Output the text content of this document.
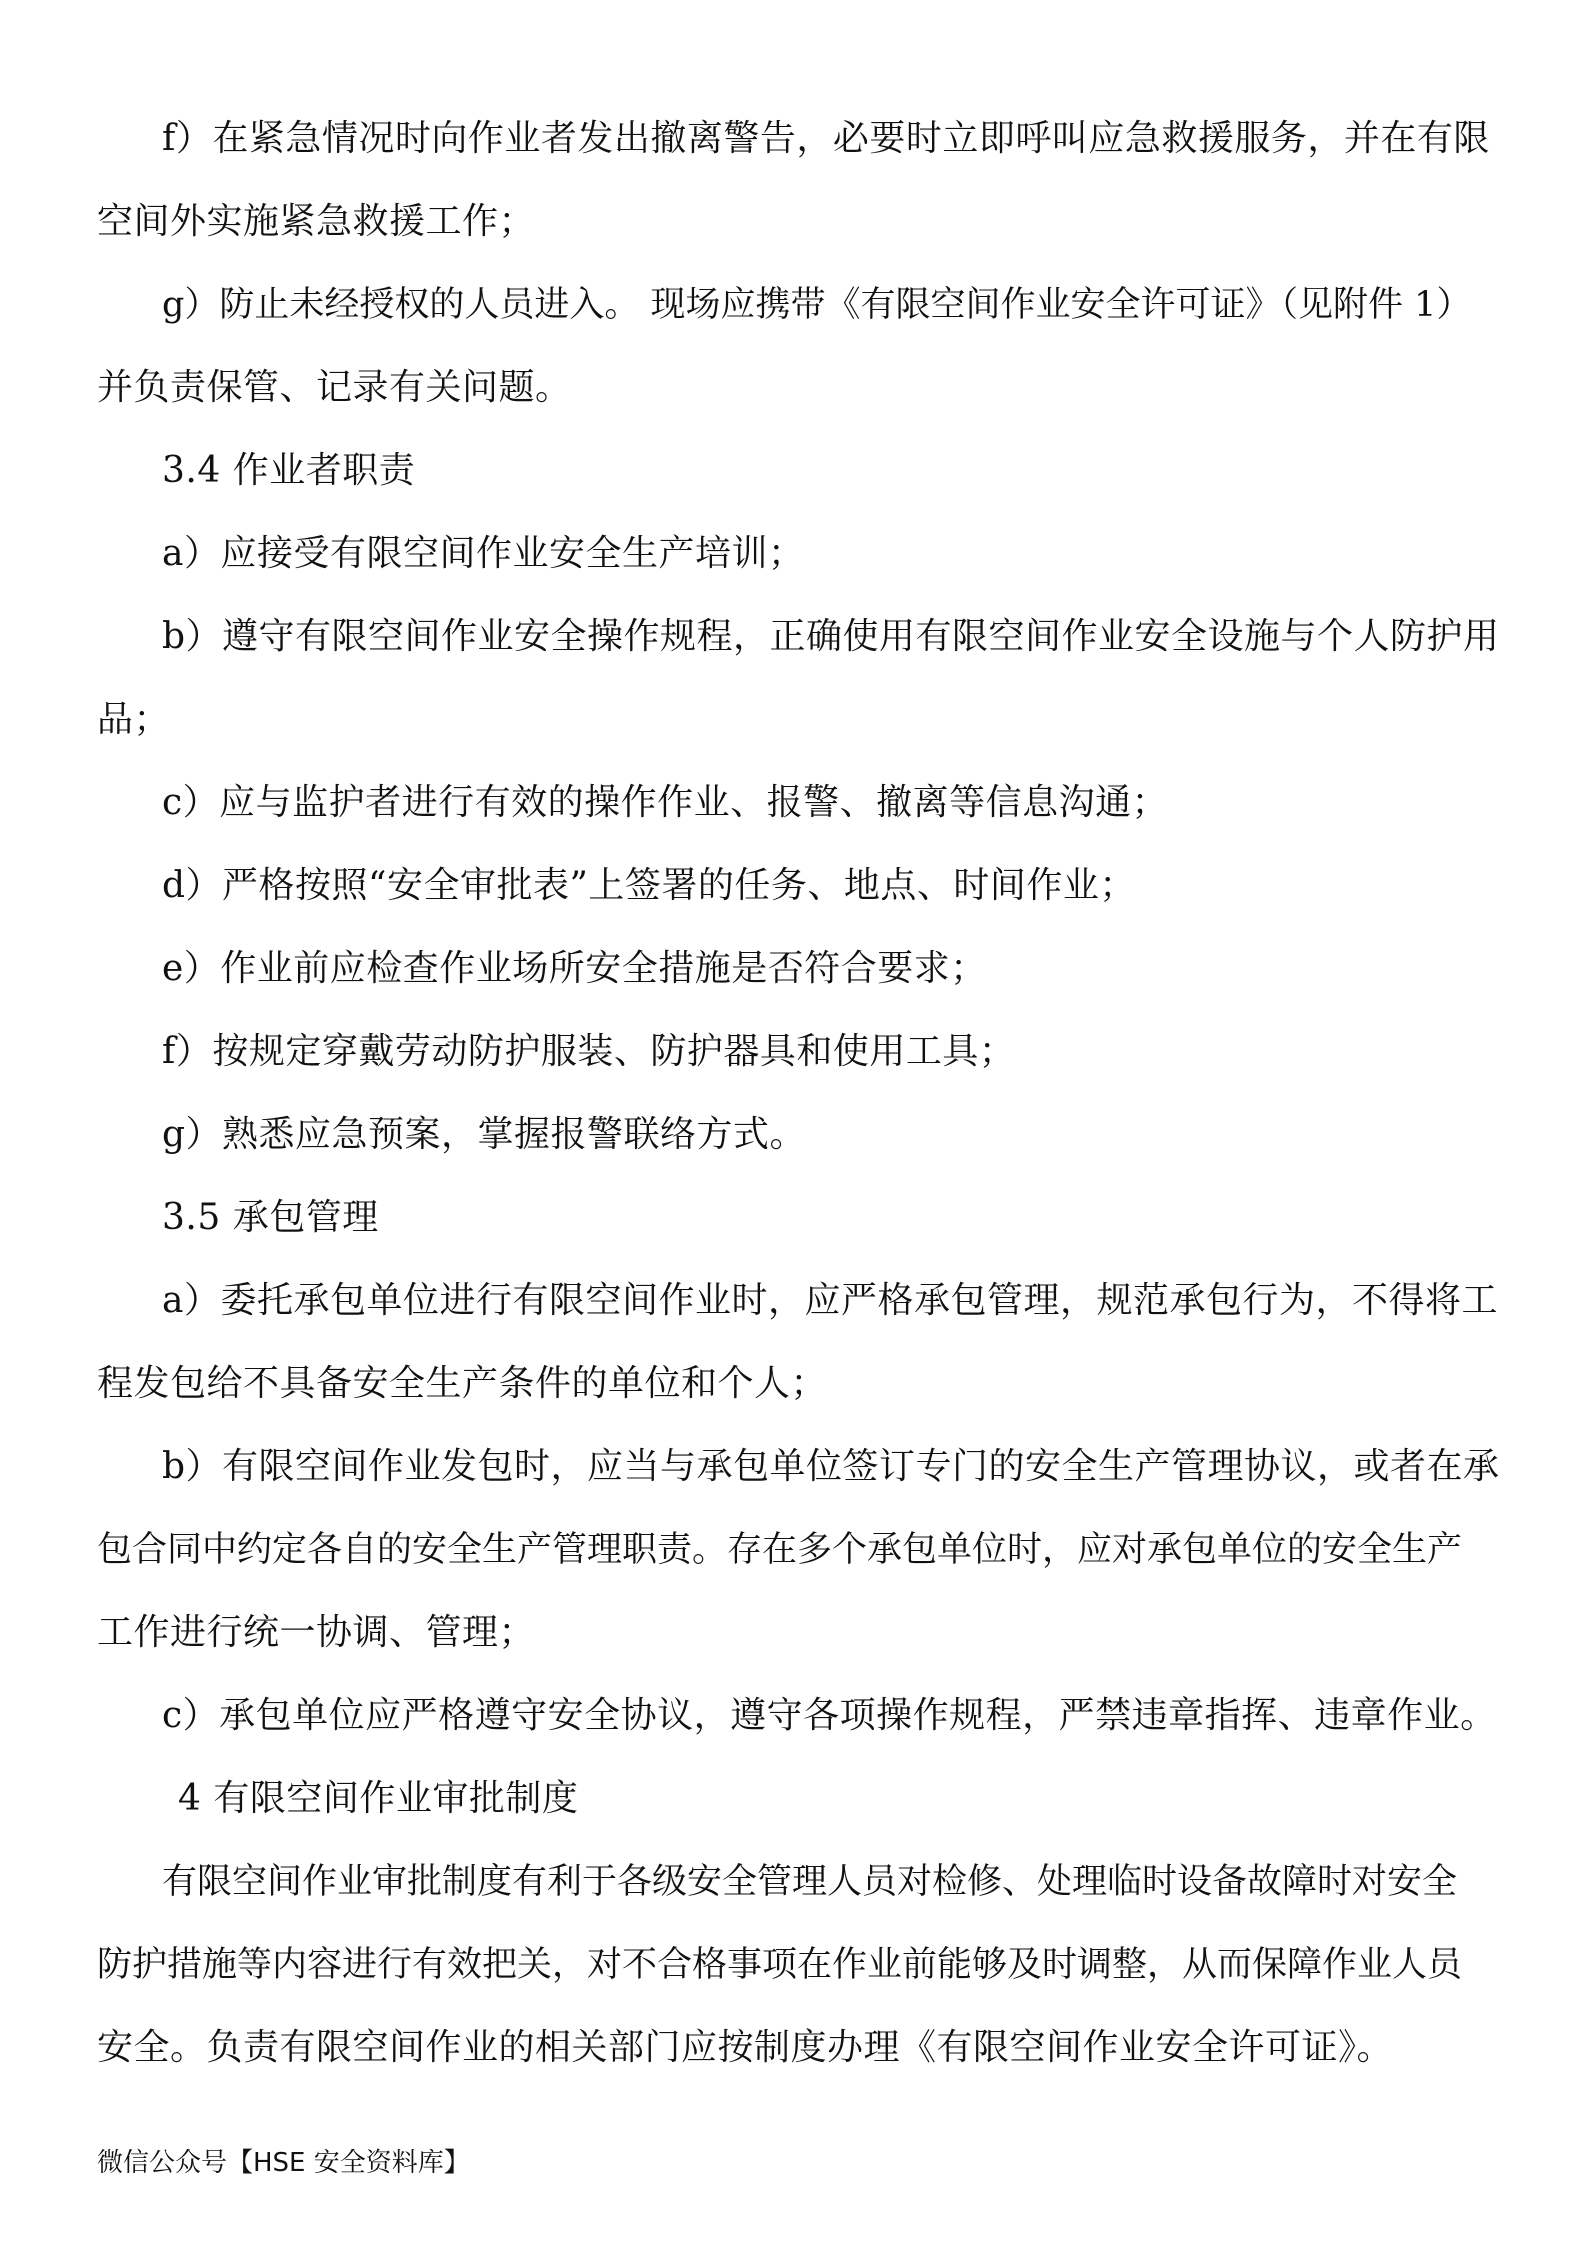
f）在紧急情况时向作业者发出撤离警告，必要时立即呼叫应急救援服务，并在有限
空间外实施紧急救援工作；
g）防止未经授权的人员进入。 现场应携带《有限空间作业安全许可证》（见附件 1）
并负责保管、记录有关问题。
3.4 作业者职责
a）应接受有限空间作业安全生产培训；
b）遵守有限空间作业安全操作规程，正确使用有限空间作业安全设施与个人防护用
品；
c）应与监护者进行有效的操作作业、报警、撤离等信息沟通；
d）严格按照“安全审批表”上签署的任务、地点、时间作业；
e）作业前应检查作业场所安全措施是否符合要求；
f）按规定穿戴劳动防护服装、防护器具和使用工具；
g）熟悉应急预案，掌握报警联络方式。
3.5 承包管理
a）委托承包单位进行有限空间作业时，应严格承包管理，规范承包行为，不得将工
程发包给不具备安全生产条件的单位和个人；
b）有限空间作业发包时，应当与承包单位签订专门的安全生产管理协议，或者在承
包合同中约定各自的安全生产管理职责。存在多个承包单位时，应对承包单位的安全生产
工作进行统一协调、管理；
c）承包单位应严格遵守安全协议，遵守各项操作规程，严禁违章指挥、违章作业。
4 有限空间作业审批制度
有限空间作业审批制度有利于各级安全管理人员对检修、处理临时设备故障时对安全
防护措施等内容进行有效把关，对不合格事项在作业前能够及时调整，从而保障作业人员
安全。负责有限空间作业的相关部门应按制度办理《有限空间作业安全许可证》。
微信公众号【HSE 安全资料库】
